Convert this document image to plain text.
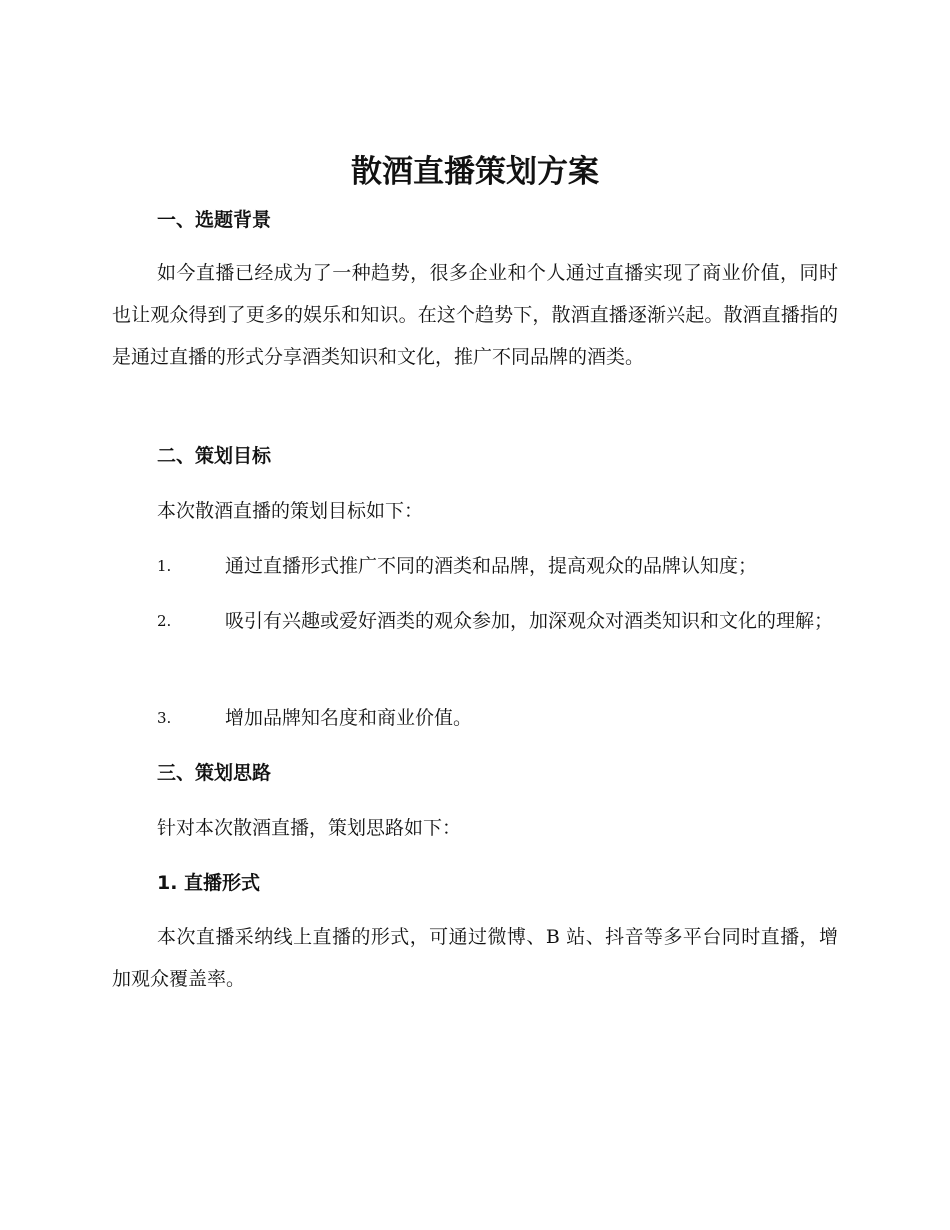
散酒直播策划方案
一、选题背景

如今直播已经成为了一种趋势，很多企业和个人通过直播实现了商业价值，同时也让观众得到了更多的娱乐和知识。在这个趋势下，散酒直播逐渐兴起。散酒直播指的是通过直播的形式分享酒类知识和文化，推广不同品牌的酒类。

二、策划目标
本次散酒直播的策划目标如下：
1.	通过直播形式推广不同的酒类和品牌，提高观众的品牌认知度；
2.	吸引有兴趣或爱好酒类的观众参加，加深观众对酒类知识和文化的理解；
3.	增加品牌知名度和商业价值。
三、策划思路
针对本次散酒直播，策划思路如下：
1. 直播形式

本次直播采纳线上直播的形式，可通过微博、B 站、抖音等多平台同时直播，增加观众覆盖率。
